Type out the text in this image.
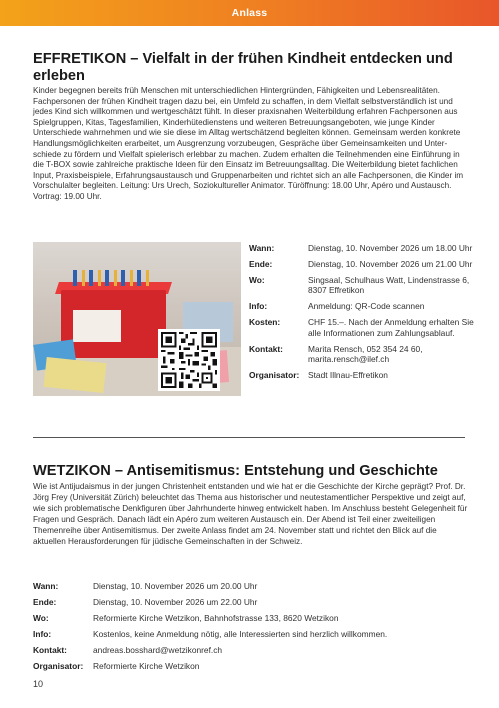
Anlass
EFFRETIKON – Vielfalt in der frühen Kindheit entdecken und erleben

Kinder begegnen bereits früh Menschen mit unterschiedlichen Hintergründen, Fähigkeiten und Lebensrealitäten. Fachpersonen der frühen Kindheit tragen dazu bei, ein Umfeld zu schaffen, in dem Vielfalt selbstverständlich ist und jedes Kind sich willkommen und wertgeschätzt fühlt. In dieser praxisnahen Weiterbildung erfahren Fachpersonen aus Spielgruppen, Kitas, Tagesfamilien, Kinderhütedienstens und weiteren Betreuungsangeboten, wie junge Kinder Unterschiede wahrnehmen und wie sie diese im Alltag wertschätzend begleiten können. Gemeinsam werden konkrete Handlungsmöglichkeiten erarbeitet, um Ausgrenzung vorzubeugen, Gespräche über Gemeinsamkeiten und Unterschiede zu fördern und Vielfalt spielerisch erlebbar zu machen. Zudem erhalten die Teilnehmenden eine Einführung in die T-BOX sowie zahlreiche praktische Ideen für den Einsatz im Betreuungsalltag. Die Weiterbildung bietet fachlichen Input, Praxisbeispiele, Erfahrungsaustausch und Gruppenarbeiten und richtet sich an alle Fachpersonen, die Kinder im Vorschulalter begleiten. Leitung: Urs Urech, Soziokultureller Animator. Türöffnung: 18.00 Uhr, Apéro und Austausch. Vortrag: 19.00 Uhr.

Wann:	Dienstag, 10. November 2026 um 18.00 Uhr
Ende:	Dienstag, 10. November 2026 um 21.00 Uhr
Wo:	Singsaal, Schulhaus Watt, Lindenstrasse 6, 8307 Effretikon
Info:	Anmeldung: QR-Code scannen
Kosten:	CHF 15.–. Nach der Anmeldung erhalten Sie alle Informationen zum Zahlungsablauf.
Kontakt:	Marita Rensch, 052 354 24 60, marita.rensch@ilef.ch
Organisator:	Stadt Illnau-Effretikon
WETZIKON – Antisemitismus: Entstehung und Geschichte

Wie ist Antijudaismus in der jungen Christenheit entstanden und wie hat er die Geschichte der Kirche geprägt? Prof. Dr. Jörg Frey (Universität Zürich) beleuchtet das Thema aus historischer und neutestamentlicher Perspektive und zeigt auf, wie sich problematische Denkfiguren über Jahrhunderte hinweg entwickelt haben. Im Anschluss besteht Gelegenheit für Fragen und Gespräch. Danach lädt ein Apéro zum weiteren Austausch ein. Der Abend ist Teil einer zweiteiligen Themenreihe über Antisemitismus. Der zweite Anlass findet am 24. November statt und richtet den Blick auf die aktuellen Herausforderungen für jüdische Gemeinschaften in der Schweiz.

Wann:	Dienstag, 10. November 2026 um 20.00 Uhr
Ende:	Dienstag, 10. November 2026 um 22.00 Uhr
Wo:	Reformierte Kirche Wetzikon, Bahnhofstrasse 133, 8620 Wetzikon
Info:	Kostenlos, keine Anmeldung nötig, alle Interessierten sind herzlich willkommen.
Kontakt:	andreas.bosshard@wetzikonref.ch
Organisator:	Reformierte Kirche Wetzikon
10
